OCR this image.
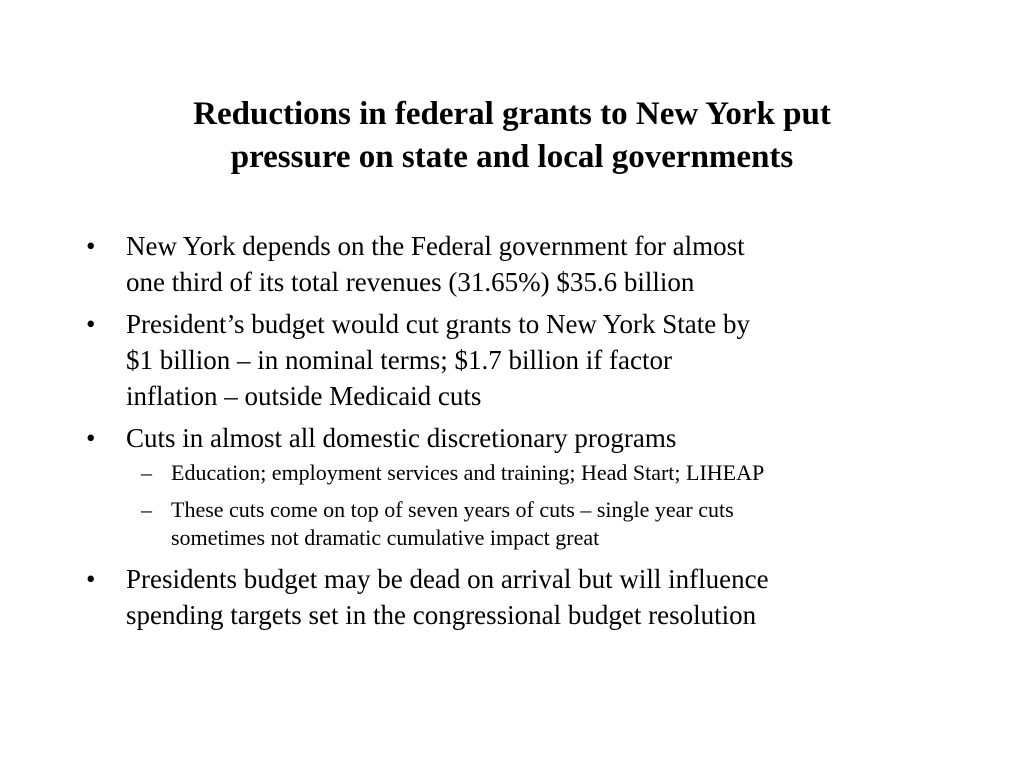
Reductions in federal grants to New York put
pressure on state and local governments
• New York depends on the Federal government for almost
one third of its total revenues (31.65%) $35.6 billion
• President’s budget would cut grants to New York State by
$1 billion – in nominal terms; $1.7 billion if factor
inflation – outside Medicaid cuts
• Cuts in almost all domestic discretionary programs
– Education; employment services and training; Head Start; LIHEAP
– These cuts come on top of seven years of cuts – single year cuts
sometimes not dramatic cumulative impact great
• Presidents budget may be dead on arrival but will influence
spending targets set in the congressional budget resolution
